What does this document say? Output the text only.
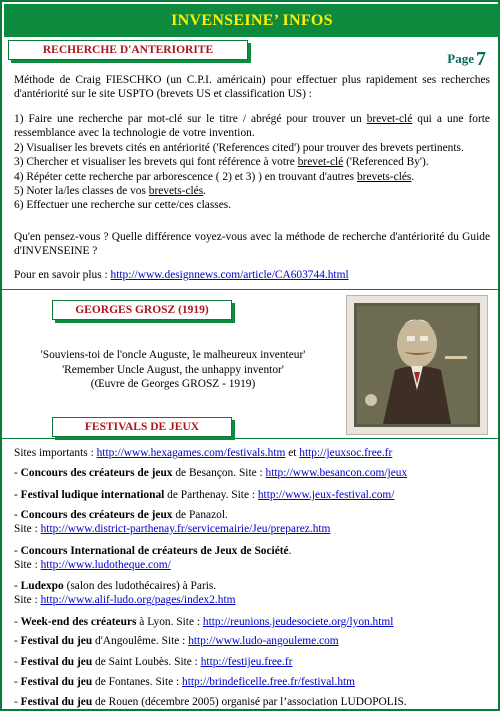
INVENSEINE’ INFOS
RECHERCHE D'ANTERIORITE
Page 7
Méthode de Craig FIESCHKO (un C.P.I. américain) pour effectuer plus rapidement ses recherches d'antériorité sur le site USPTO (brevets US et classification US) :
1) Faire une recherche par mot-clé sur le titre / abrégé pour trouver un brevet-clé qui a une forte ressemblance avec la technologie de votre invention.
2) Visualiser les brevets cités en antériorité ('References cited') pour trouver des brevets pertinents.
3) Chercher et visualiser les brevets qui font référence à votre brevet-clé ('Referenced By').
4) Répéter cette recherche par arborescence ( 2) et 3) ) en trouvant d'autres brevets-clés.
5) Noter la/les classes de vos brevets-clés.
6) Effectuer une recherche sur cette/ces classes.
Qu'en pensez-vous ? Quelle différence voyez-vous avec la méthode de recherche d'antériorité du Guide d'INVENSEINE ?
Pour en savoir plus : http://www.designnews.com/article/CA603744.html
GEORGES GROSZ (1919)
'Souviens-toi de l'oncle Auguste, le malheureux inventeur'
'Remember Uncle August, the unhappy inventor'
(Œuvre de Georges GROSZ - 1919)
FESTIVALS DE JEUX
Sites importants : http://www.hexagames.com/festivals.htm et http://jeuxsoc.free.fr
- Concours des créateurs de jeux de Besançon. Site : http://www.besancon.com/jeux
- Festival ludique international de Parthenay. Site : http://www.jeux-festival.com/
- Concours des créateurs de jeux de Panazol.
Site : http://www.district-parthenay.fr/servicemairie/Jeu/preparez.htm
- Concours International de créateurs de Jeux de Société.
Site : http://www.ludotheque.com/
- Ludexpo (salon des ludothécaires) à Paris.
Site : http://www.alif-ludo.org/pages/index2.htm
- Week-end des créateurs à Lyon. Site : http://reunions.jeudesociete.org/lyon.html
- Festival du jeu d'Angoulême. Site : http://www.ludo-angouleme.com
- Festival du jeu de Saint Loubès. Site : http://festijeu.free.fr
- Festival du jeu de Fontanes. Site : http://brindeficelle.free.fr/festival.htm
- Festival du jeu de Rouen (décembre 2005) organisé par l’association LUDOPOLIS.
